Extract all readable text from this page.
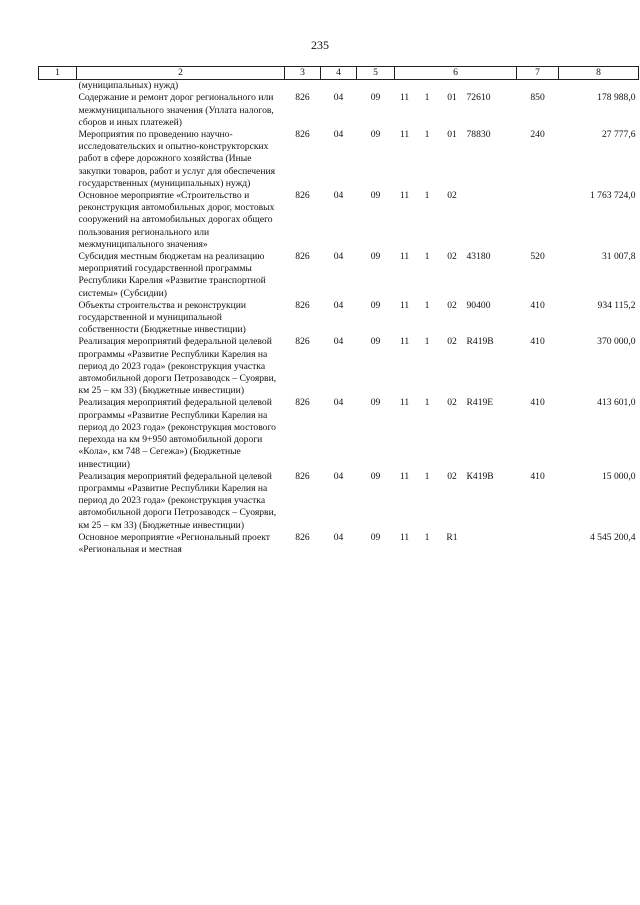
235
1	2	3	4	5	6				7	8
	(муниципальных) нужд)									
	Содержание и ремонт дорог регионального или межмуниципального значения (Уплата налогов, сборов и иных платежей)	826	04	09	11	1	01	72610	850	178 988,0
	Мероприятия по проведению научно-исследовательских и опытно-конструкторских работ в сфере дорожного хозяйства (Иные закупки товаров, работ и услуг для обеспечения государственных (муниципальных) нужд)	826	04	09	11	1	01	78830	240	27 777,6
	Основное мероприятие «Строительство и реконструкция автомобильных дорог, мостовых сооружений на автомобильных дорогах общего пользования регионального или межмуниципального значения»	826	04	09	11	1	02			1 763 724,0
	Субсидия местным бюджетам на реализацию мероприятий государственной программы Республики Карелия «Развитие транспортной системы» (Субсидии)	826	04	09	11	1	02	43180	520	31 007,8
	Объекты строительства и реконструкции государственной и муниципальной собственности (Бюджетные инвестиции)	826	04	09	11	1	02	90400	410	934 115,2
	Реализация мероприятий федеральной целевой программы «Развитие Республики Карелия на период до 2023 года» (реконструкция участка автомобильной дороги Петрозаводск – Суоярви, км 25 – км 33) (Бюджетные инвестиции)	826	04	09	11	1	02	R419B	410	370 000,0
	Реализация мероприятий федеральной целевой программы «Развитие Республики Карелия на период до 2023 года» (реконструкция мостового перехода на км 9+950 автомобильной дороги «Кола», км 748 – Сегежа») (Бюджетные инвестиции)	826	04	09	11	1	02	R419E	410	413 601,0
	Реализация мероприятий федеральной целевой программы «Развитие Республики Карелия на период до 2023 года» (реконструкция участка автомобильной дороги Петрозаводск – Суоярви, км 25 – км 33) (Бюджетные инвестиции)	826	04	09	11	1	02	К419B	410	15 000,0
	Основное мероприятие «Региональный проект «Региональная и местная	826	04	09	11	1	R1			4 545 200,4
